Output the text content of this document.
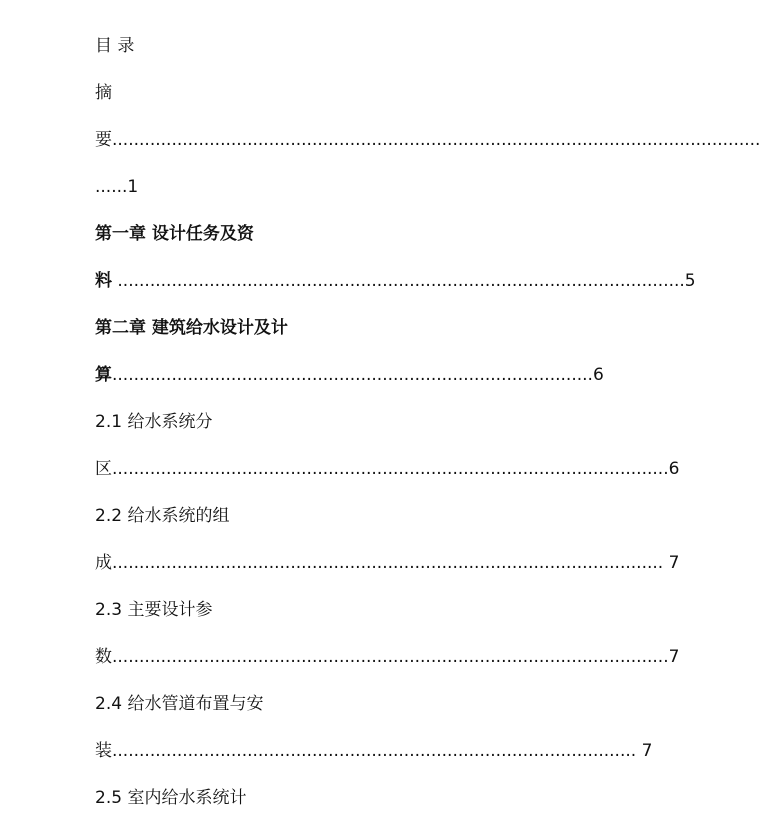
目 录
摘
要........................................................................................................................
......1
第一章 设计任务及资
料 .........................................................................................................5
第二章 建筑给水设计及计
算.........................................................................................6
2.1 给水系统分
区.......................................................................................................6
2.2 给水系统的组
成...................................................................................................... 7
2.3 主要设计参
数.......................................................................................................7
2.4 给水管道布置与安
装................................................................................................. 7
2.5 室内给水系统计
